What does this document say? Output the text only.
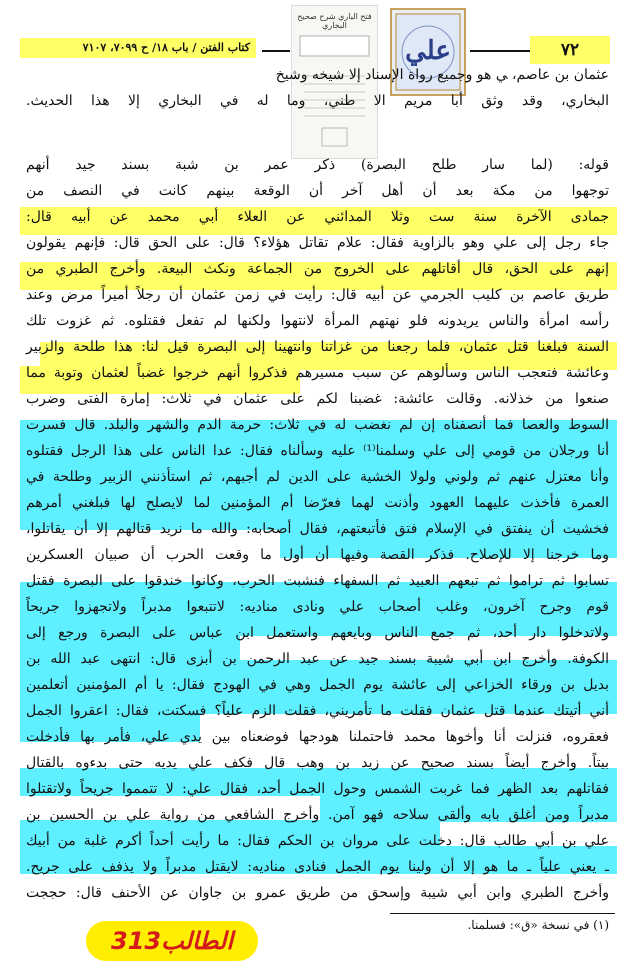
٧٢
كتاب الفتن / باب ١٨/ ح ٧٠٩٩، ٧١٠٧
فتح الباري شرح صحيح البخاري
علي
عثمان بن عاصم، ﻲ هو وجميع رواة الإسناد إلا شيخه وشيخ
البخاري، وقد وثق أبا مريم الا طني، وما له في البخاري إلا هذا الحديث.
قوله: (لما سار طلح البصرة) ذكر عمر بن شبة بسند جيد أنهم
توجهوا من مكة بعد أن أهل آخر أن الوقعة بينهم كانت في النصف من
جمادى الآخرة سنة ست وثلا المدائني عن العلاء أبي محمد عن أبيه قال:
جاء رجل إلى علي وهو بالزاوية فقال: علام تقاتل هؤلاء؟ قال: على الحق قال: فإنهم يقولون
إنهم على الحق، قال أقاتلهم على الخروج من الجماعة ونكث البيعة. وأخرج الطبري من
طريق عاصم بن كليب الجرمي عن أبيه قال: رأيت في زمن عثمان أن رجلاً أميراً مرض وعند
رأسه امرأة والناس يريدونه فلو نهتهم المرأة لانتهوا ولكنها لم تفعل فقتلوه. ثم غزوت تلك
السنة فبلغنا قتل عثمان، فلما رجعنا من غزاتنا وانتهينا إلى البصرة قيل لنا: هذا طلحة والزبير
وعائشة فتعجب الناس وسألوهم عن سبب مسيرهم فذكروا أنهم خرجوا غضباً لعثمان وتوبة مما
صنعوا من خذلانه. وقالت عائشة: غضبنا لكم على عثمان في ثلاث: إمارة الفتى وضرب
السوط والعصا فما أنصفناه إن لم نغضب له في ثلاث: حرمة الدم والشهر والبلد. قال فسرت
أنا ورجلان من قومي إلى علي وسلمنا⁽¹⁾ عليه وسألناه فقال: عدا الناس على هذا الرجل فقتلوه
وأنا معتزل عنهم ثم ولوني ولولا الخشية على الدين لم أجبهم، ثم استأذنني الزبير وطلحة في
العمرة فأخذت عليهما العهود وأذنت لهما فعرّضا أم المؤمنين لما لايصلح لها فبلغني أمرهم
فخشيت أن ينفتق في الإسلام فتق فأتبعتهم، فقال أصحابه: والله ما نريد قتالهم إلا أن يقاتلوا،
وما خرجنا إلا للإصلاح. فذكر القصة وفيها أن أول ما وقعت الحرب أن صبيان العسكرين
تسابوا ثم تراموا ثم تبعهم العبيد ثم السفهاء فنشبت الحرب، وكانوا خندقوا على البصرة فقتل
قوم وجرح آخرون، وغلب أصحاب علي ونادى مناديه: لاتتبعوا مدبراً ولاتجهزوا جريحاً
ولاتدخلوا دار أحد، ثم جمع الناس وبايعهم واستعمل ابن عباس على البصرة ورجع إلى
الكوفة. وأخرج ابن أبي شيبة بسند جيد عن عبد الرحمن بن أبزى قال: انتهى عبد الله بن
بديل بن ورقاء الخزاعي إلى عائشة يوم الجمل وهي في الهودج فقال: يا أم المؤمنين أتعلمين
أني أتيتك عندما قتل عثمان فقلت ما تأمريني، فقلت الزم علياً؟ فسكتت، فقال: اعقروا الجمل
فعقروه، فنزلت أنا وأخوها محمد فاحتملنا هودجها فوضعناه بين يدي علي، فأمر بها فأدخلت
بيتاً. وأخرج أيضاً بسند صحيح عن زيد بن وهب قال فكف علي يديه حتى بدءوه بالقتال
فقاتلهم بعد الظهر فما غربت الشمس وحول الجمل أحد، فقال علي: لا تتمموا جريحاً ولاتقتلوا
مدبراً ومن أغلق بابه وألقى سلاحه فهو آمن. وأخرج الشافعي من رواية علي بن الحسين بن
علي بن أبي طالب قال: دخلت على مروان بن الحكم فقال: ما رأيت أحداً أكرم غلبة من أبيك
ـ يعني علياً ـ ما هو إلا أن ولينا يوم الجمل فنادى مناديه: لايقتل مدبراً ولا يذفف على جريح.
وأخرج الطبري وابن أبي شيبة وإسحق من طريق عمرو بن جاوان عن الأحنف قال: حججت
(١) في نسخة «ق»: فسلمنا.
الطالب313
